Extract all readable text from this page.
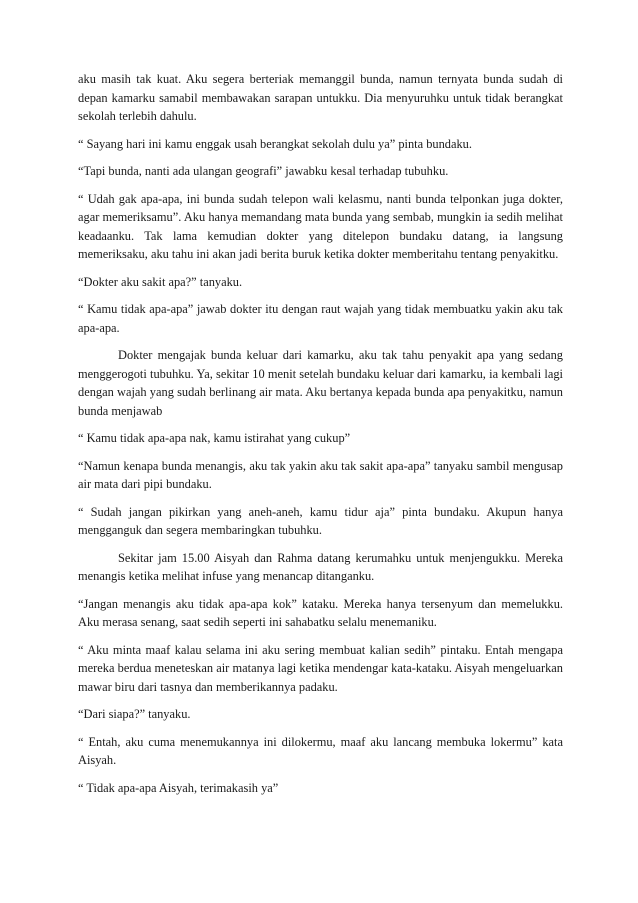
aku masih tak kuat. Aku segera berteriak memanggil bunda, namun ternyata bunda sudah di depan kamarku samabil membawakan sarapan untukku. Dia menyuruhku untuk tidak berangkat sekolah terlebih dahulu.

“ Sayang hari ini kamu enggak usah berangkat sekolah dulu ya” pinta bundaku.

“Tapi bunda, nanti ada ulangan geografi” jawabku kesal terhadap tubuhku.

“ Udah gak apa-apa, ini bunda sudah telepon wali kelasmu, nanti bunda telponkan juga dokter, agar memeriksamu”. Aku hanya memandang mata bunda yang sembab, mungkin ia sedih melihat keadaanku. Tak lama kemudian dokter yang ditelepon bundaku datang, ia langsung memeriksaku, aku tahu ini akan jadi berita buruk ketika dokter memberitahu tentang penyakitku.

“Dokter aku sakit apa?” tanyaku.

“ Kamu tidak apa-apa” jawab dokter itu dengan raut wajah yang tidak membuatku yakin aku tak apa-apa.

Dokter mengajak bunda keluar dari kamarku, aku tak tahu penyakit apa yang sedang menggerogoti tubuhku. Ya, sekitar 10 menit setelah bundaku keluar dari kamarku, ia kembali lagi dengan wajah yang sudah berlinang air mata. Aku bertanya kepada bunda apa penyakitku, namun bunda menjawab

“ Kamu tidak apa-apa nak, kamu istirahat yang cukup”

“Namun kenapa bunda menangis, aku tak yakin aku tak sakit apa-apa” tanyaku sambil mengusap air mata dari pipi bundaku.

“ Sudah jangan pikirkan yang aneh-aneh, kamu tidur aja” pinta bundaku. Akupun hanya mengganguk dan segera membaringkan tubuhku.

Sekitar jam 15.00 Aisyah dan Rahma datang kerumahku untuk menjengukku. Mereka menangis ketika melihat infuse yang menancap ditanganku.

“Jangan menangis aku tidak apa-apa kok” kataku. Mereka hanya tersenyum dan memelukku. Aku merasa senang, saat sedih seperti ini sahabatku selalu menemaniku.

“ Aku minta maaf kalau selama ini aku sering membuat kalian sedih” pintaku. Entah mengapa mereka berdua meneteskan air matanya lagi ketika mendengar kata-kataku. Aisyah mengeluarkan mawar biru dari tasnya dan memberikannya padaku.

“Dari siapa?” tanyaku.

“ Entah, aku cuma menemukannya ini dilokermu, maaf aku lancang membuka lokermu” kata Aisyah.

“ Tidak apa-apa Aisyah, terimakasih ya”
